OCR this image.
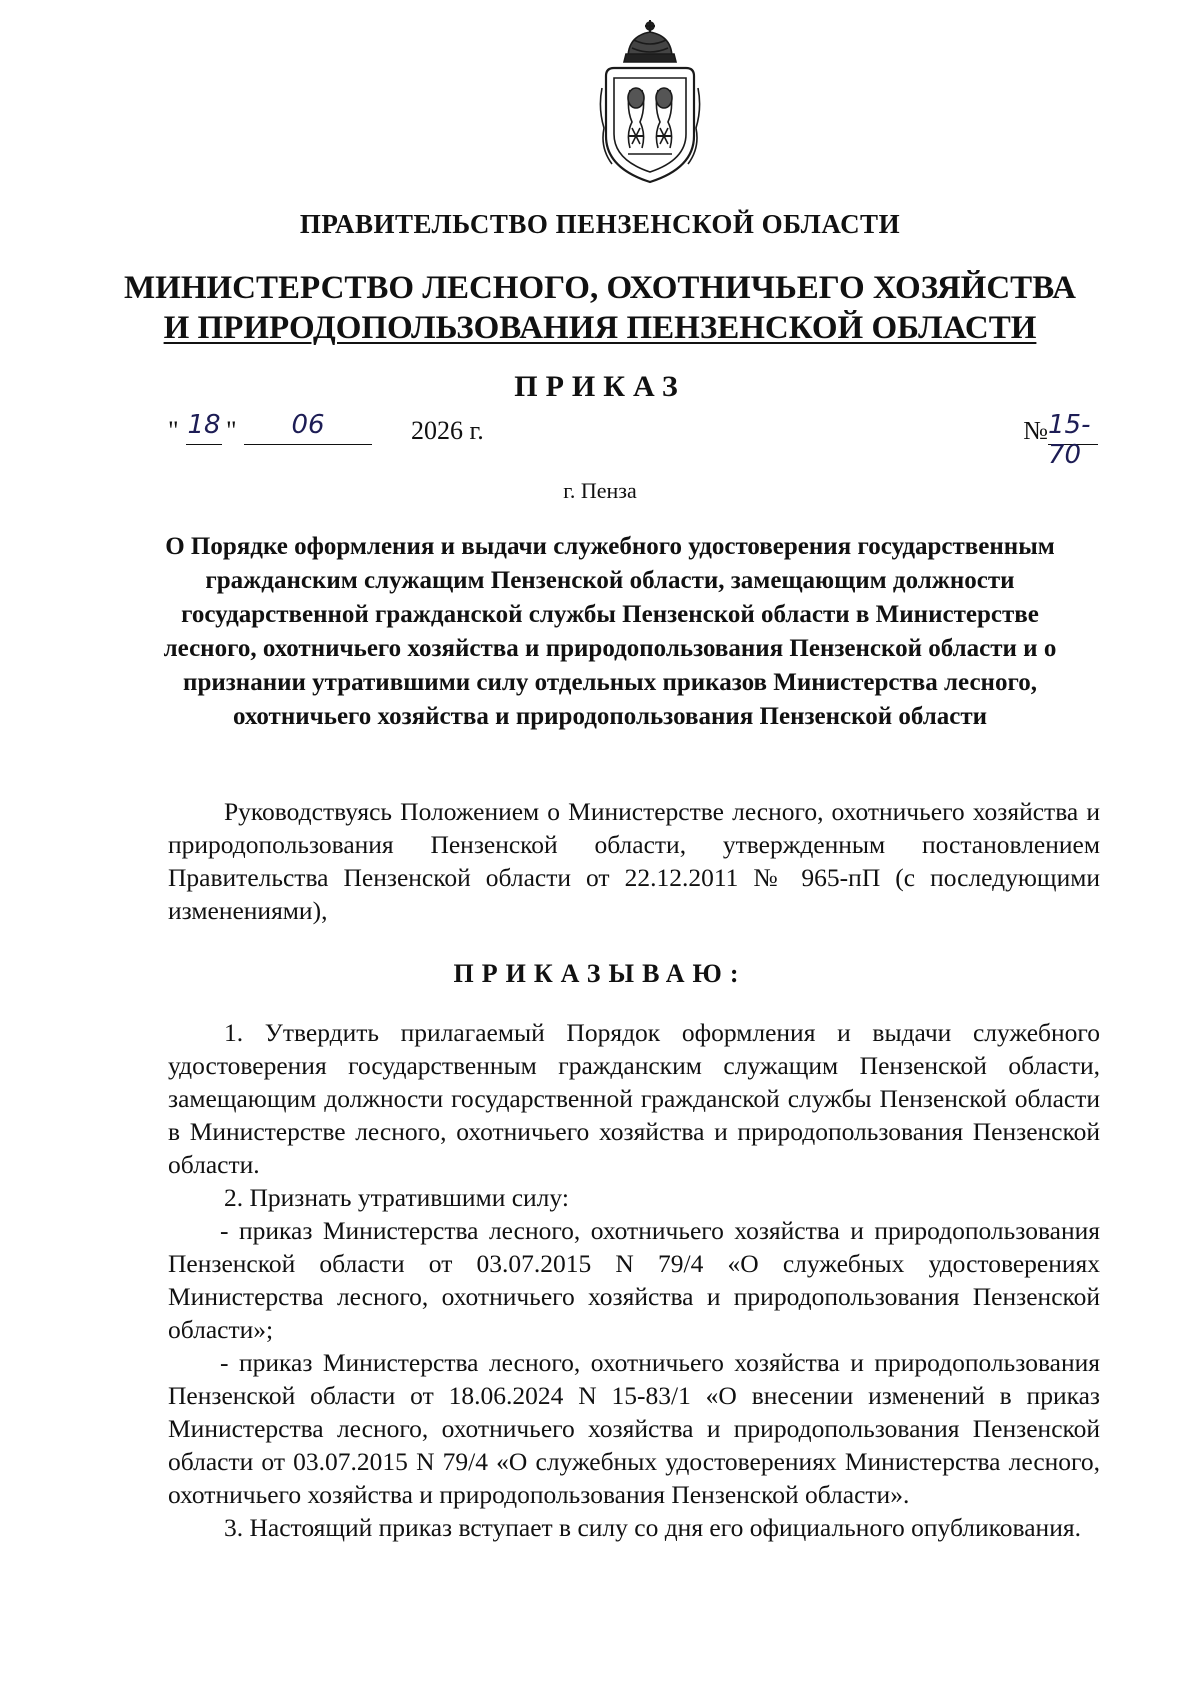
ПРАВИТЕЛЬСТВО ПЕНЗЕНСКОЙ ОБЛАСТИ
МИНИСТЕРСТВО ЛЕСНОГО, ОХОТНИЧЬЕГО ХОЗЯЙСТВА
И ПРИРОДОПОЛЬЗОВАНИЯ ПЕНЗЕНСКОЙ ОБЛАСТИ
ПРИКАЗ
" 18 "	06	2026 г.	№ 15-70
г. Пенза
О Порядке оформления и выдачи служебного удостоверения государственным гражданским служащим Пензенской области, замещающим должности государственной гражданской службы Пензенской области в Министерстве лесного, охотничьего хозяйства и природопользования Пензенской области и о признании утратившими силу отдельных приказов Министерства лесного, охотничьего хозяйства и природопользования Пензенской области

Руководствуясь Положением о Министерстве лесного, охотничьего хозяйства и природопользования Пензенской области, утвержденным постановлением Правительства Пензенской области от 22.12.2011 № 965-пП (с последующими изменениями),

ПРИКАЗЫВАЮ:

1. Утвердить прилагаемый Порядок оформления и выдачи служебного удостоверения государственным гражданским служащим Пензенской области, замещающим должности государственной гражданской службы Пензенской области в Министерстве лесного, охотничьего хозяйства и природопользования Пензенской области.

2. Признать утратившими силу:

- приказ Министерства лесного, охотничьего хозяйства и природопользования Пензенской области от 03.07.2015 N 79/4 «О служебных удостоверениях Министерства лесного, охотничьего хозяйства и природопользования Пензенской области»;

- приказ Министерства лесного, охотничьего хозяйства и природопользования Пензенской области от 18.06.2024 N 15-83/1 «О внесении изменений в приказ Министерства лесного, охотничьего хозяйства и природопользования Пензенской области от 03.07.2015 N 79/4 «О служебных удостоверениях Министерства лесного, охотничьего хозяйства и природопользования Пензенской области».

3. Настоящий приказ вступает в силу со дня его официального опубликования.
